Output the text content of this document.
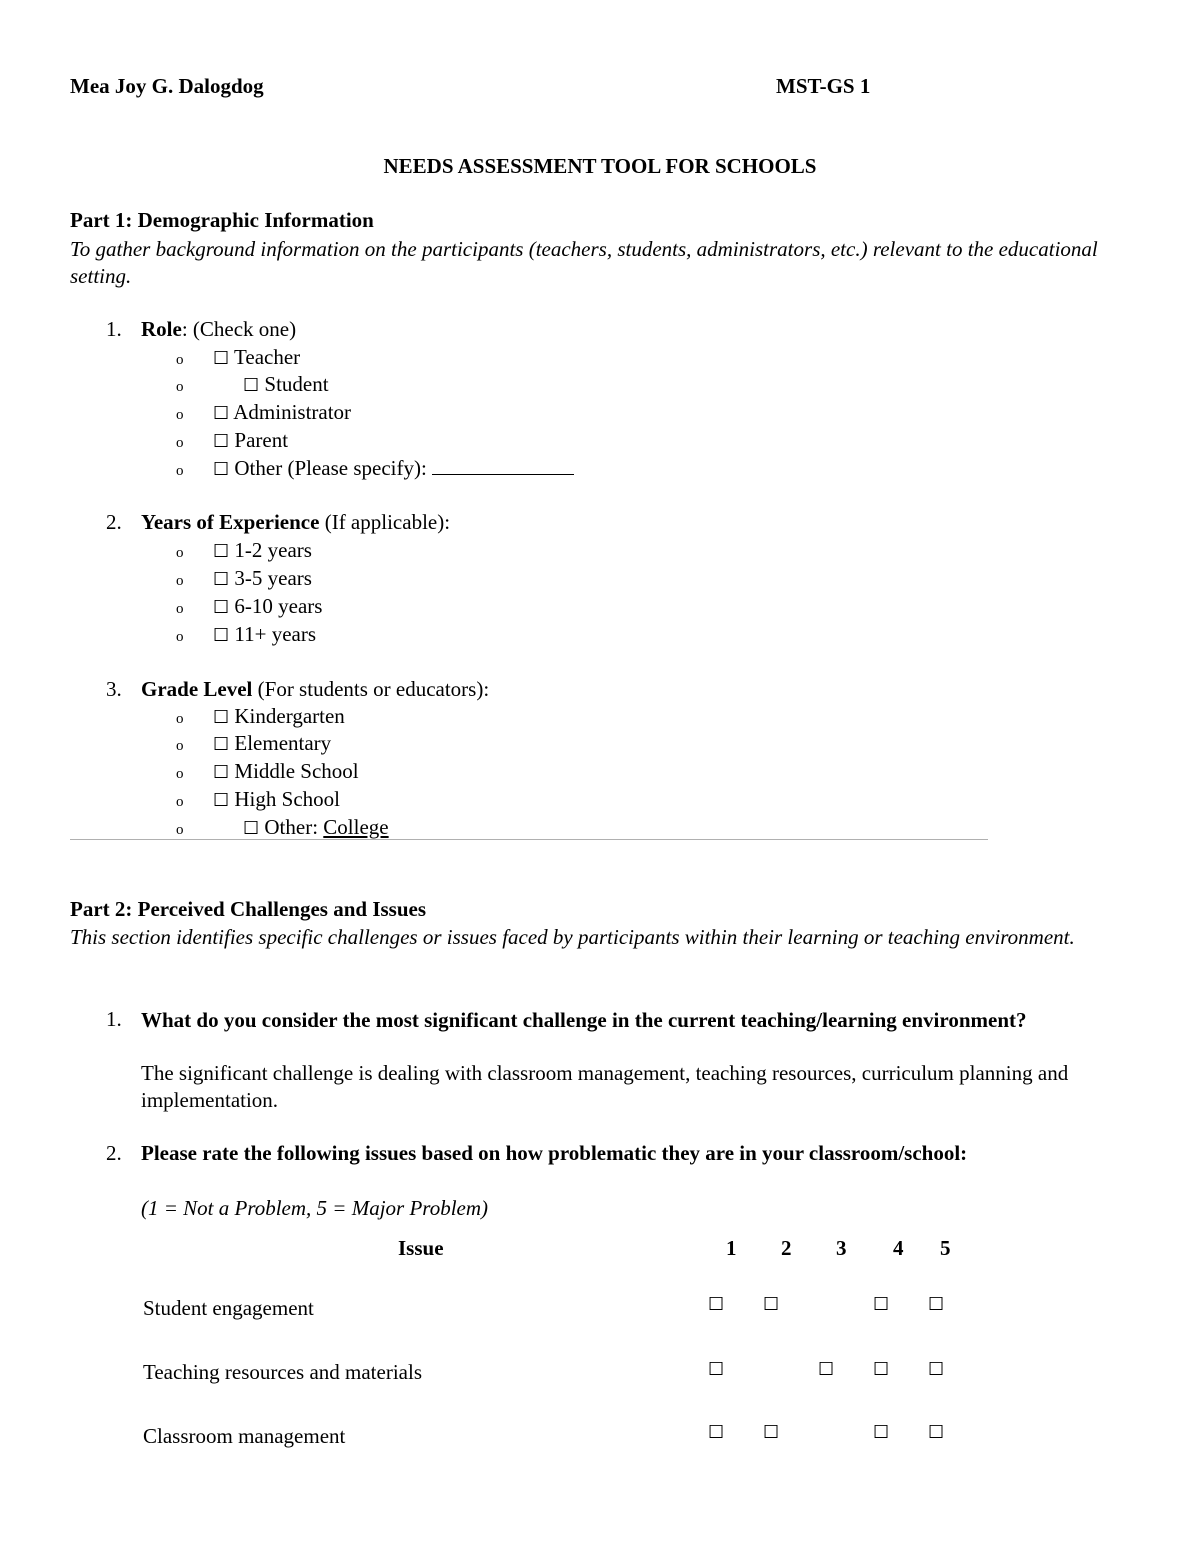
Mea Joy G. Dalogdog	MST-GS 1
NEEDS ASSESSMENT TOOL FOR SCHOOLS
Part 1: Demographic Information
To gather background information on the participants (teachers, students, administrators, etc.) relevant to the educational setting.
1. Role: (Check one)
o ☐ Teacher
o	☐ Student
o ☐ Administrator
o ☐ Parent
o ☐ Other (Please specify):
2. Years of Experience (If applicable):
o ☐ 1-2 years
o ☐ 3-5 years
o ☐ 6-10 years
o ☐ 11+ years
3. Grade Level (For students or educators):
o ☐ Kindergarten
o ☐ Elementary
o ☐ Middle School
o ☐ High School
o	☐ Other: College
Part 2: Perceived Challenges and Issues
This section identifies specific challenges or issues faced by participants within their learning or teaching environment.
1. What do you consider the most significant challenge in the current teaching/learning environment?
The significant challenge is dealing with classroom management, teaching resources, curriculum planning and implementation.
2. Please rate the following issues based on how problematic they are in your classroom/school:
(1 = Not a Problem, 5 = Major Problem)
Issue	1 2 3 4 5
Student engagement	☐ ☐	☐ ☐
Teaching resources and materials	☐	☐ ☐ ☐
Classroom management	☐ ☐	☐ ☐
